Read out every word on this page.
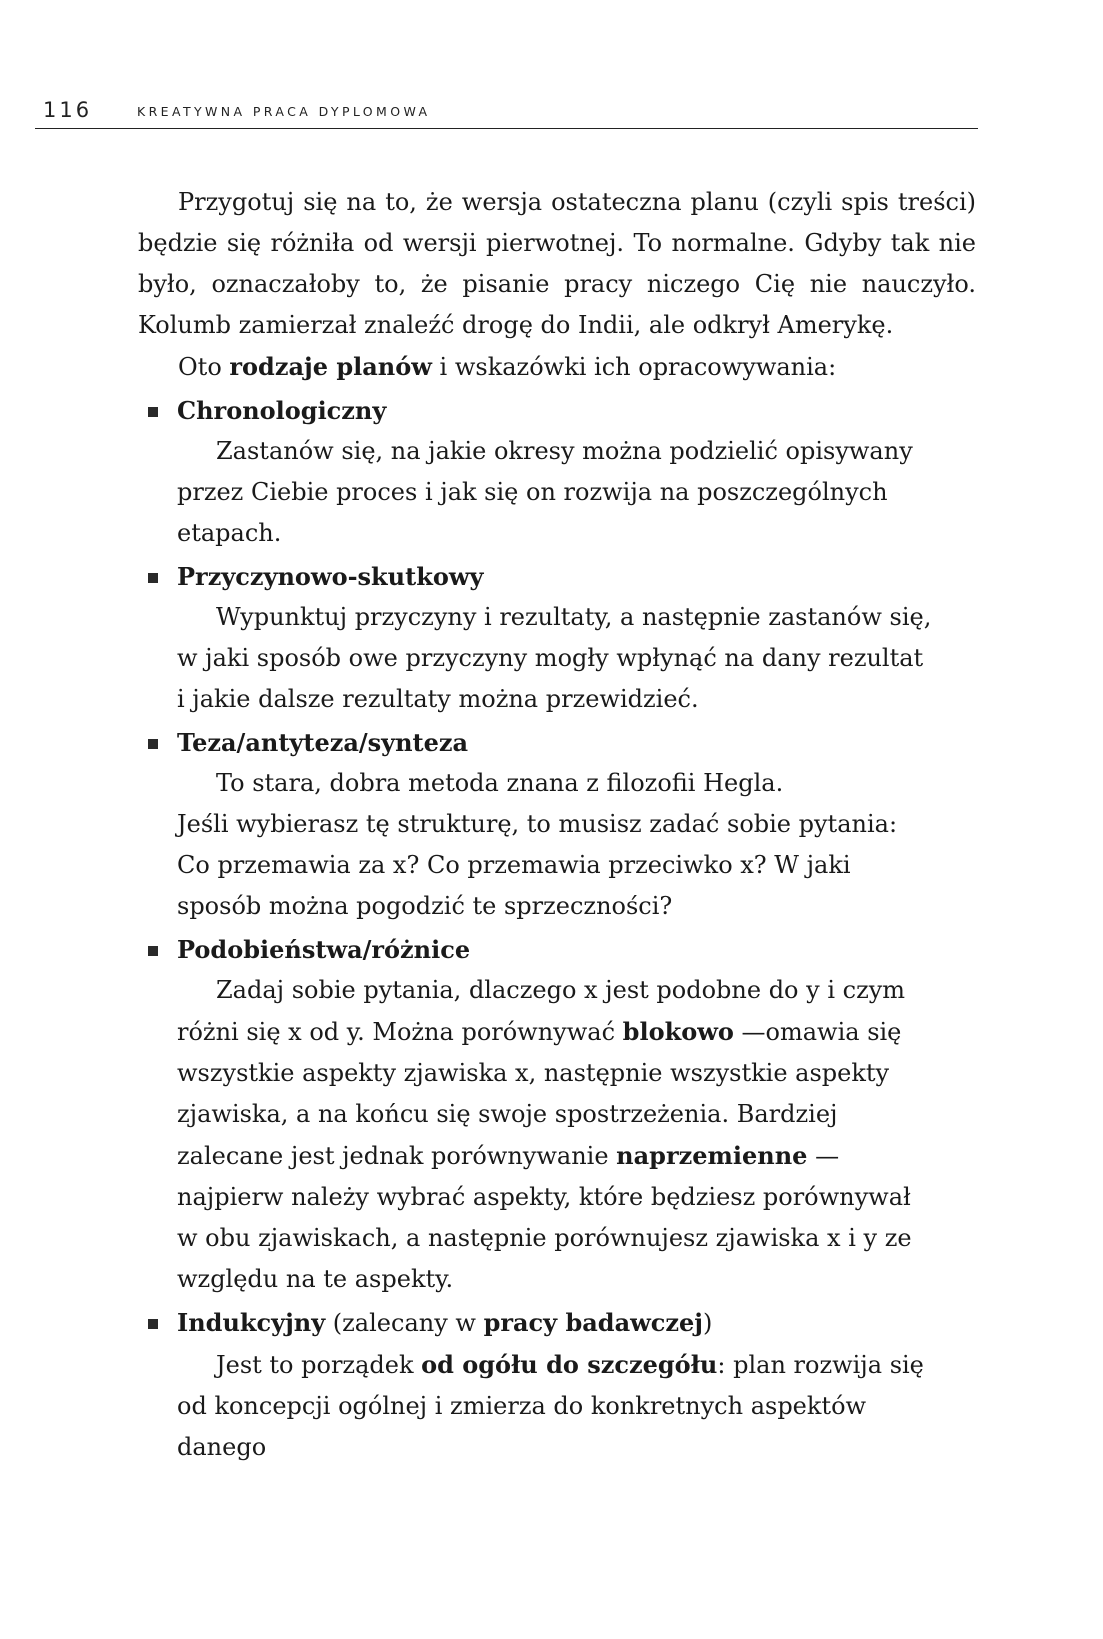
116	KREATYWNA PRACA DYPLOMOWA

Przygotuj się na to, że wersja ostateczna planu (czyli spis treści) będzie się różniła od wersji pierwotnej. To normalne. Gdyby tak nie było, oznaczałoby to, że pisanie pracy niczego Cię nie nauczyło. Kolumb zamierzał znaleźć drogę do Indii, ale odkrył Amerykę.

Oto rodzaje planów i wskazówki ich opracowywania:

Chronologiczny

Zastanów się, na jakie okresy można podzielić opisywany przez Ciebie proces i jak się on rozwija na poszczególnych etapach.

Przyczynowo-skutkowy

Wypunktuj przyczyny i rezultaty, a następnie zastanów się, w jaki sposób owe przyczyny mogły wpłynąć na dany rezultat i jakie dalsze rezultaty można przewidzieć.

Teza/antyteza/synteza

To stara, dobra metoda znana z filozofii Hegla.

Jeśli wybierasz tę strukturę, to musisz zadać sobie pytania: Co przemawia za x? Co przemawia przeciwko x? W jaki sposób można pogodzić te sprzeczności?

Podobieństwa/różnice

Zadaj sobie pytania, dlaczego x jest podobne do y i czym różni się x od y. Można porównywać blokowo —omawia się wszystkie aspekty zjawiska x, następnie wszystkie aspekty zjawiska, a na końcu się swoje spostrzeżenia. Bardziej zalecane jest jednak porównywanie naprzemienne — najpierw należy wybrać aspekty, które będziesz porównywał w obu zjawiskach, a następnie porównujesz zjawiska x i y ze względu na te aspekty.

Indukcyjny (zalecany w pracy badawczej)

Jest to porządek od ogółu do szczegółu: plan rozwija się od koncepcji ogólnej i zmierza do konkretnych aspektów danego
